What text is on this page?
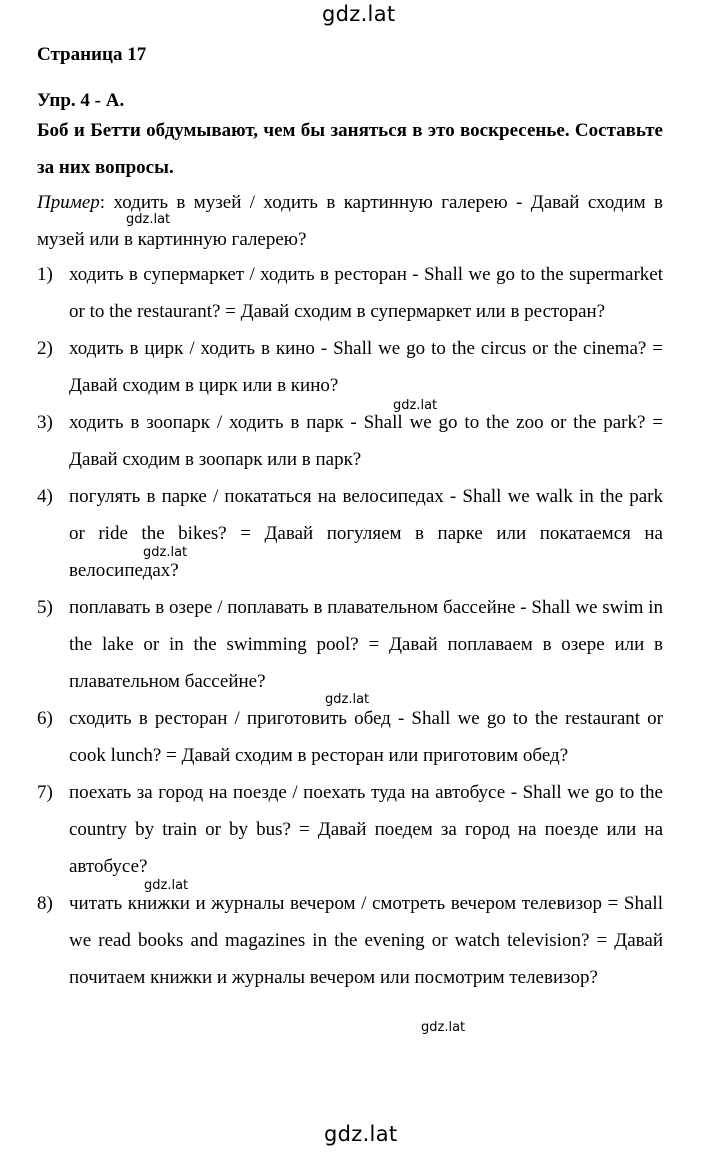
gdz.lat
Страница 17
Упр. 4 - А.
Боб и Бетти обдумывают, чем бы заняться в это воскресенье. Составьте за них вопросы.
Пример: ходить в музей / ходить в картинную галерею - Давай сходим в музей или в картинную галерею?
1) ходить в супермаркет / ходить в ресторан - Shall we go to the supermarket or to the restaurant? = Давай сходим в супермаркет или в ресторан?
2) ходить в цирк / ходить в кино - Shall we go to the circus or the cinema? = Давай сходим в цирк или в кино?
3) ходить в зоопарк / ходить в парк - Shall we go to the zoo or the park? = Давай сходим в зоопарк или в парк?
4) погулять в парке / покататься на велосипедах - Shall we walk in the park or ride the bikes? = Давай погуляем в парке или покатаемся на велосипедах?
5) поплавать в озере / поплавать в плавательном бассейне - Shall we swim in the lake or in the swimming pool? = Давай поплаваем в озере или в плавательном бассейне?
6) сходить в ресторан / приготовить обед - Shall we go to the restaurant or cook lunch? = Давай сходим в ресторан или приготовим обед?
7) поехать за город на поезде / поехать туда на автобусе - Shall we go to the country by train or by bus? = Давай поедем за город на поезде или на автобусе?
8) читать книжки и журналы вечером / смотреть вечером телевизор = Shall we read books and magazines in the evening or watch television? = Давай почитаем книжки и журналы вечером или посмотрим телевизор?
gdz.lat
gdz.lat
gdz.lat
gdz.lat
gdz.lat
gdz.lat
gdz.lat
